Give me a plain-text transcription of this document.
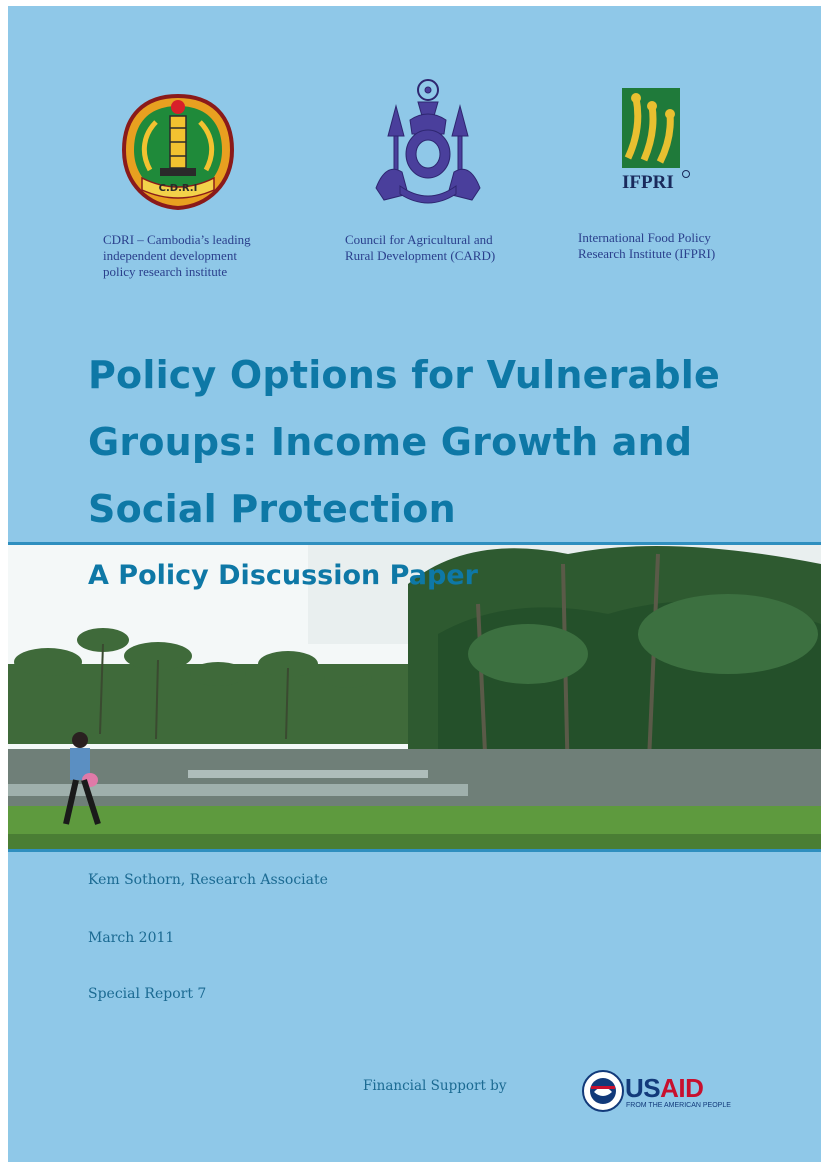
C.D.R.I

CDRI – Cambodia’s leading
independent development
policy research institute

Council for Agricultural and
Rural Development (CARD)

IFPRI

International Food Policy
Research Institute (IFPRI)

Policy Options for Vulnerable
Groups: Income Growth and
Social Protection
A Policy Discussion Paper

Kem Sothorn, Research Associate

March 2011

Special Report 7

Financial Support by	USAID
FROM THE AMERICAN PEOPLE
